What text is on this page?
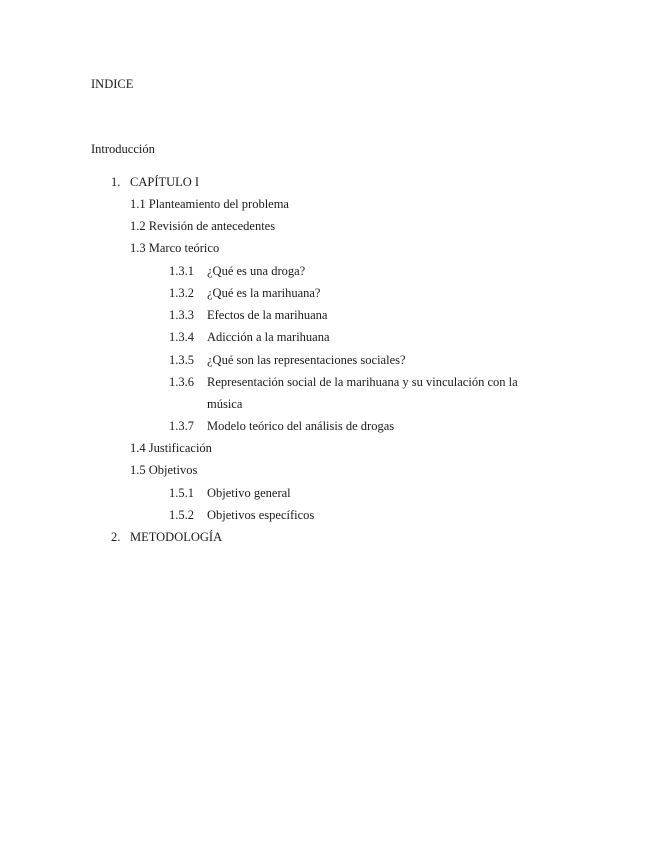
INDICE
Introducción
1. CAPÍTULO I
1.1 Planteamiento del problema
1.2 Revisión de antecedentes
1.3 Marco teórico
1.3.1 ¿Qué es una droga?
1.3.2 ¿Qué es la marihuana?
1.3.3 Efectos de la marihuana
1.3.4 Adicción a la marihuana
1.3.5 ¿Qué son las representaciones sociales?
1.3.6 Representación social de la marihuana y su vinculación con la
música
1.3.7 Modelo teórico del análisis de drogas
1.4 Justificación
1.5 Objetivos
1.5.1 Objetivo general
1.5.2 Objetivos específicos
2. METODOLOGÍA
